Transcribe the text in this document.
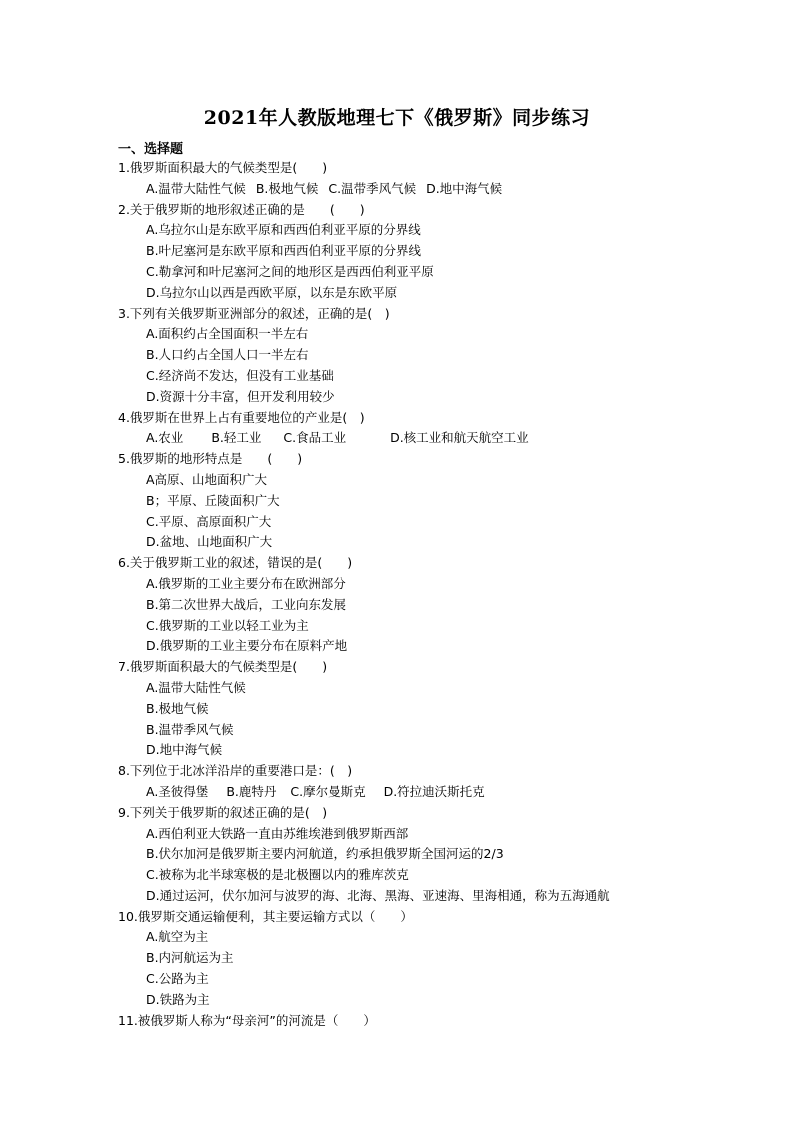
2021年人教版地理七下《俄罗斯》同步练习
一、选择题
1.俄罗斯面积最大的气候类型是(　　)
A.温带大陆性气候 B.极地气候 C.温带季风气候 D.地中海气候
2.关于俄罗斯的地形叙述正确的是　　(　　)
A.乌拉尔山是东欧平原和西西伯利亚平原的分界线
B.叶尼塞河是东欧平原和西西伯利亚平原的分界线
C.勒拿河和叶尼塞河之间的地形区是西西伯利亚平原
D.乌拉尔山以西是西欧平原，以东是东欧平原
3.下列有关俄罗斯亚洲部分的叙述，正确的是(　)
A.面积约占全国面积一半左右
B.人口约占全国人口一半左右
C.经济尚不发达，但没有工业基础
D.资源十分丰富，但开发利用较少
4.俄罗斯在世界上占有重要地位的产业是(　)
A.农业 B.轻工业 C.食品工业	D.核工业和航天航空工业
5.俄罗斯的地形特点是　　(　　)
A高原、山地面积广大
B；平原、丘陵面积广大
C.平原、高原面积广大
D.盆地、山地面积广大
6.关于俄罗斯工业的叙述，错误的是(　　)
A.俄罗斯的工业主要分布在欧洲部分
B.第二次世界大战后，工业向东发展
C.俄罗斯的工业以轻工业为主
D.俄罗斯的工业主要分布在原料产地
7.俄罗斯面积最大的气候类型是(　　)
A.温带大陆性气候
B.极地气候
B.温带季风气候
D.地中海气候
8.下列位于北冰洋沿岸的重要港口是：(　)
A.圣彼得堡 B.鹿特丹 C.摩尔曼斯克 D.符拉迪沃斯托克
9.下列关于俄罗斯的叙述正确的是(　)
A.西伯利亚大铁路一直由苏维埃港到俄罗斯西部
B.伏尔加河是俄罗斯主要内河航道，约承担俄罗斯全国河运的2/3
C.被称为北半球寒极的是北极圈以内的雅库茨克
D.通过运河，伏尔加河与波罗的海、北海、黑海、亚速海、里海相通，称为五海通航
10.俄罗斯交通运输便利，其主要运输方式以（　　）
A.航空为主
B.内河航运为主
C.公路为主
D.铁路为主
11.被俄罗斯人称为“母亲河”的河流是（　　）
